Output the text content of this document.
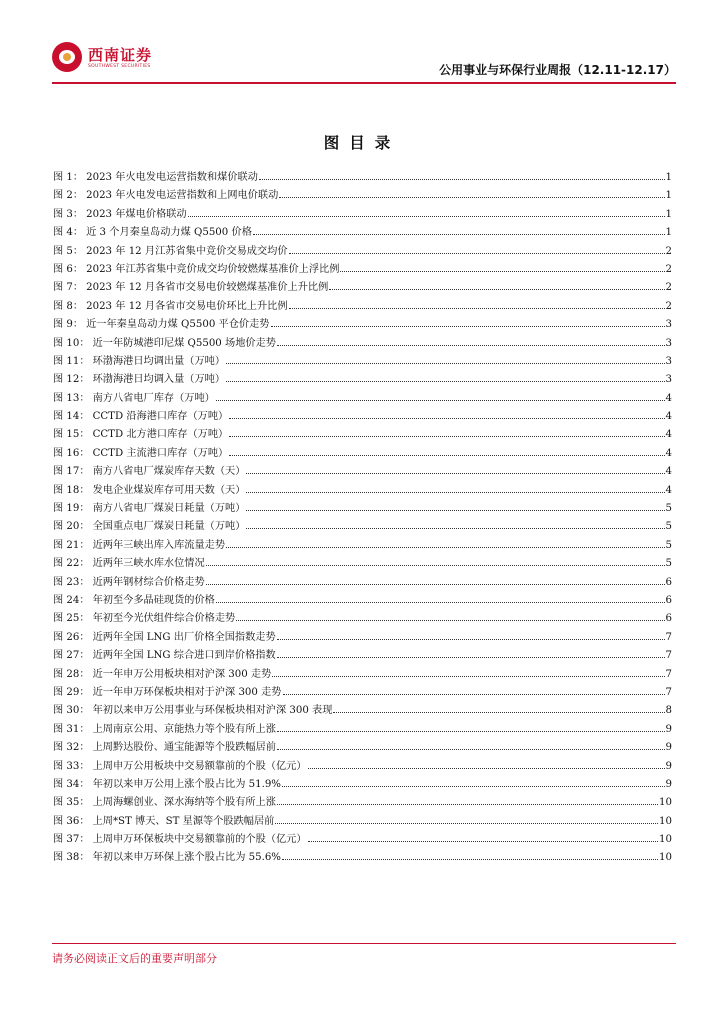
西南证券
SOUTHWEST SECURITIES	公用事业与环保行业周报（12.11-12.17）
图目录
图 1： 2023 年火电发电运营指数和煤价联动	1
图 2： 2023 年火电发电运营指数和上网电价联动	1
图 3： 2023 年煤电价格联动	1
图 4： 近 3 个月秦皇岛动力煤 Q5500 价格	1
图 5： 2023 年 12 月江苏省集中竞价交易成交均价	2
图 6： 2023 年江苏省集中竞价成交均价较燃煤基准价上浮比例	2
图 7： 2023 年 12 月各省市交易电价较燃煤基准价上升比例	2
图 8： 2023 年 12 月各省市交易电价环比上升比例	2
图 9： 近一年秦皇岛动力煤 Q5500 平仓价走势	3
图 10： 近一年防城港印尼煤 Q5500 场地价走势	3
图 11： 环渤海港日均调出量（万吨）	3
图 12： 环渤海港日均调入量（万吨）	3
图 13： 南方八省电厂库存（万吨）	4
图 14： CCTD 沿海港口库存（万吨）	4
图 15： CCTD 北方港口库存（万吨）	4
图 16： CCTD 主流港口库存（万吨）	4
图 17： 南方八省电厂煤炭库存天数（天）	4
图 18： 发电企业煤炭库存可用天数（天）	4
图 19： 南方八省电厂煤炭日耗量（万吨）	5
图 20： 全国重点电厂煤炭日耗量（万吨）	5
图 21： 近两年三峡出库入库流量走势	5
图 22： 近两年三峡水库水位情况	5
图 23： 近两年钢材综合价格走势	6
图 24： 年初至今多晶硅现货的价格	6
图 25： 年初至今光伏组件综合价格走势	6
图 26： 近两年全国 LNG 出厂价格全国指数走势	7
图 27： 近两年全国 LNG 综合进口到岸价格指数	7
图 28： 近一年申万公用板块相对沪深 300 走势	7
图 29： 近一年申万环保板块相对于沪深 300 走势	7
图 30： 年初以来申万公用事业与环保板块相对沪深 300 表现	8
图 31： 上周南京公用、京能热力等个股有所上涨	9
图 32： 上周黔达股份、通宝能源等个股跌幅居前	9
图 33： 上周申万公用板块中交易额靠前的个股（亿元）	9
图 34： 年初以来申万公用上涨个股占比为 51.9%	9
图 35： 上周海螺创业、深水海纳等个股有所上涨	10
图 36： 上周*ST 博天、ST 星源等个股跌幅居前	10
图 37： 上周申万环保板块中交易额靠前的个股（亿元）	10
图 38： 年初以来申万环保上涨个股占比为 55.6%	10
请务必阅读正文后的重要声明部分
